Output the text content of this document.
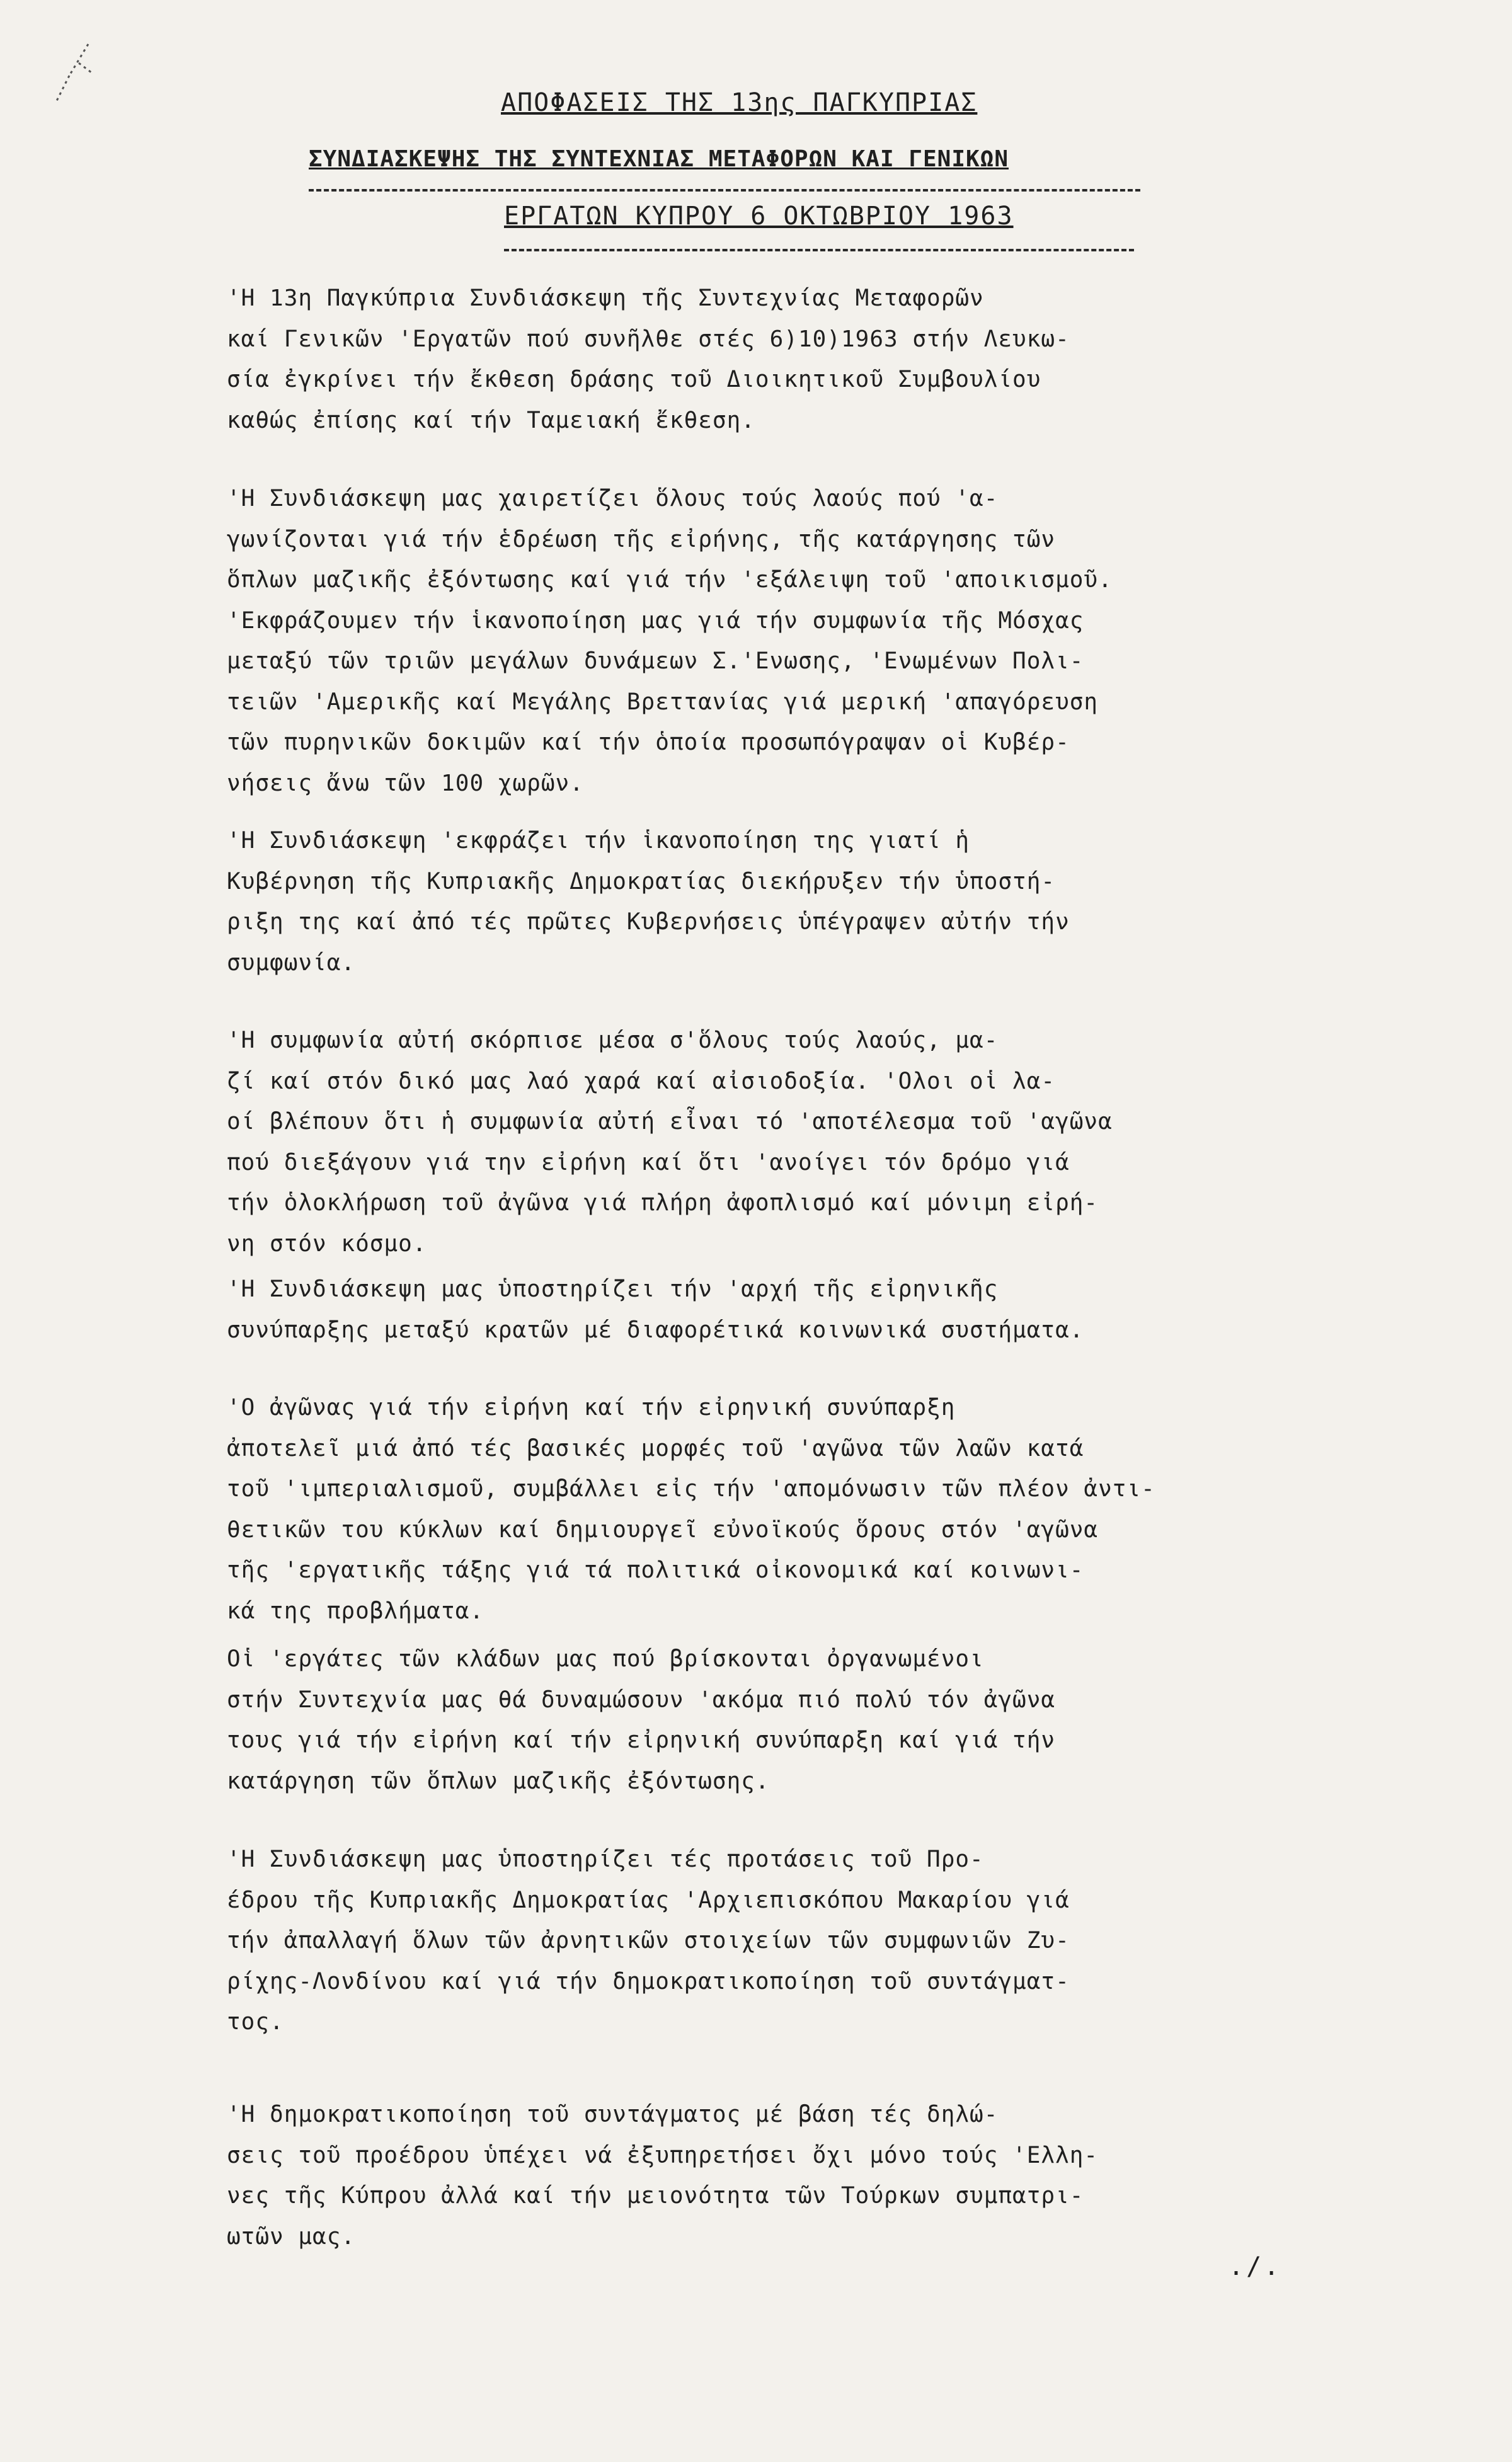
ΑΠΟΦΑΣΕΙΣ ΤΗΣ 13ης ΠΑΓΚΥΠΡΙΑΣ
ΣΥΝΔΙΑΣΚΕΨΗΣ ΤΗΣ ΣΥΝΤΕΧΝΙΑΣ ΜΕΤΑΦΟΡΩΝ ΚΑΙ ΓΕΝΙΚΩΝ
ΕΡΓΑΤΩΝ ΚΥΠΡΟΥ 6 ΟΚΤΩΒΡΙΟΥ 1963
'Η 13η Παγκύπρια Συνδιάσκεψη τῆς Συντεχνίας Μεταφορῶν
καί Γενικῶν 'Εργατῶν πού συνῆλθε στές 6)10)1963 στήν Λευκω-
σία ἐγκρίνει τήν ἔκθεση δράσης τοῦ Διοικητικοῦ Συμβουλίου
καθώς ἐπίσης καί τήν Ταμειακή ἔκθεση.
'Η Συνδιάσκεψη μας χαιρετίζει ὅλους τούς λαούς πού 'α-
γωνίζονται γιά τήν ἑδρέωση τῆς εἰρήνης, τῆς κατάργησης τῶν
ὅπλων μαζικῆς ἐξόντωσης καί γιά τήν 'εξάλειψη τοῦ 'αποικισμοῦ.
'Εκφράζουμεν τήν ἱκανοποίηση μας γιά τήν συμφωνία τῆς Μόσχας
μεταξύ τῶν τριῶν μεγάλων δυνάμεων Σ.'Ενωσης, 'Ενωμένων Πολι-
τειῶν 'Αμερικῆς καί Μεγάλης Βρεττανίας γιά μερική 'απαγόρευση
τῶν πυρηνικῶν δοκιμῶν καί τήν ὁποία προσωπόγραψαν οἱ Κυβέρ-
νήσεις ἄνω τῶν 100 χωρῶν.
'Η Συνδιάσκεψη 'εκφράζει τήν ἱκανοποίηση της γιατί ἡ
Κυβέρνηση τῆς Κυπριακῆς Δημοκρατίας διεκήρυξεν τήν ὑποστή-
ριξη της καί ἀπό τές πρῶτες Κυβερνήσεις ὑπέγραψεν αὐτήν τήν
συμφωνία.
'Η συμφωνία αὐτή σκόρπισε μέσα σ'ὅλους τούς λαούς, μα-
ζί καί στόν δικό μας λαό χαρά καί αἰσιοδοξία. 'Ολοι οἱ λα-
οί βλέπουν ὅτι ἡ συμφωνία αὐτή εἶναι τό 'αποτέλεσμα τοῦ 'αγῶνα
πού διεξάγουν γιά την εἰρήνη καί ὅτι 'ανοίγει τόν δρόμο γιά
τήν ὁλοκλήρωση τοῦ ἀγῶνα γιά πλήρη ἀφοπλισμό καί μόνιμη εἰρή-
νη στόν κόσμο.
'Η Συνδιάσκεψη μας ὑποστηρίζει τήν 'αρχή τῆς εἰρηνικῆς
συνύπαρξης μεταξύ κρατῶν μέ διαφορέτικά κοινωνικά συστήματα.
'Ο ἀγῶνας γιά τήν εἰρήνη καί τήν εἰρηνική συνύπαρξη
ἀποτελεῖ μιά ἀπό τές βασικές μορφές τοῦ 'αγῶνα τῶν λαῶν κατά
τοῦ 'ιμπεριαλισμοῦ, συμβάλλει εἰς τήν 'απομόνωσιν τῶν πλέον ἀντι-
θετικῶν του κύκλων καί δημιουργεῖ εὐνοϊκούς ὅρους στόν 'αγῶνα
τῆς 'εργατικῆς τάξης γιά τά πολιτικά οἰκονομικά καί κοινωνι-
κά της προβλήματα.
Οἱ 'εργάτες τῶν κλάδων μας πού βρίσκονται ὀργανωμένοι
στήν Συντεχνία μας θά δυναμώσουν 'ακόμα πιό πολύ τόν ἀγῶνα
τους γιά τήν εἰρήνη καί τήν εἰρηνική συνύπαρξη καί γιά τήν
κατάργηση τῶν ὅπλων μαζικῆς ἐξόντωσης.
'Η Συνδιάσκεψη μας ὑποστηρίζει τές προτάσεις τοῦ Προ-
έδρου τῆς Κυπριακῆς Δημοκρατίας 'Αρχιεπισκόπου Μακαρίου γιά
τήν ἀπαλλαγή ὅλων τῶν ἀρνητικῶν στοιχείων τῶν συμφωνιῶν Ζυ-
ρίχης-Λονδίνου καί γιά τήν δημοκρατικοποίηση τοῦ συντάγματ-
τος.
'Η δημοκρατικοποίηση τοῦ συντάγματος μέ βάση τές δηλώ-
σεις τοῦ προέδρου ὑπέχει νά ἐξυπηρετήσει ὄχι μόνο τούς 'Ελλη-
νες τῆς Κύπρου ἀλλά καί τήν μειονότητα τῶν Τούρκων συμπατρι-
ωτῶν μας.
./.
